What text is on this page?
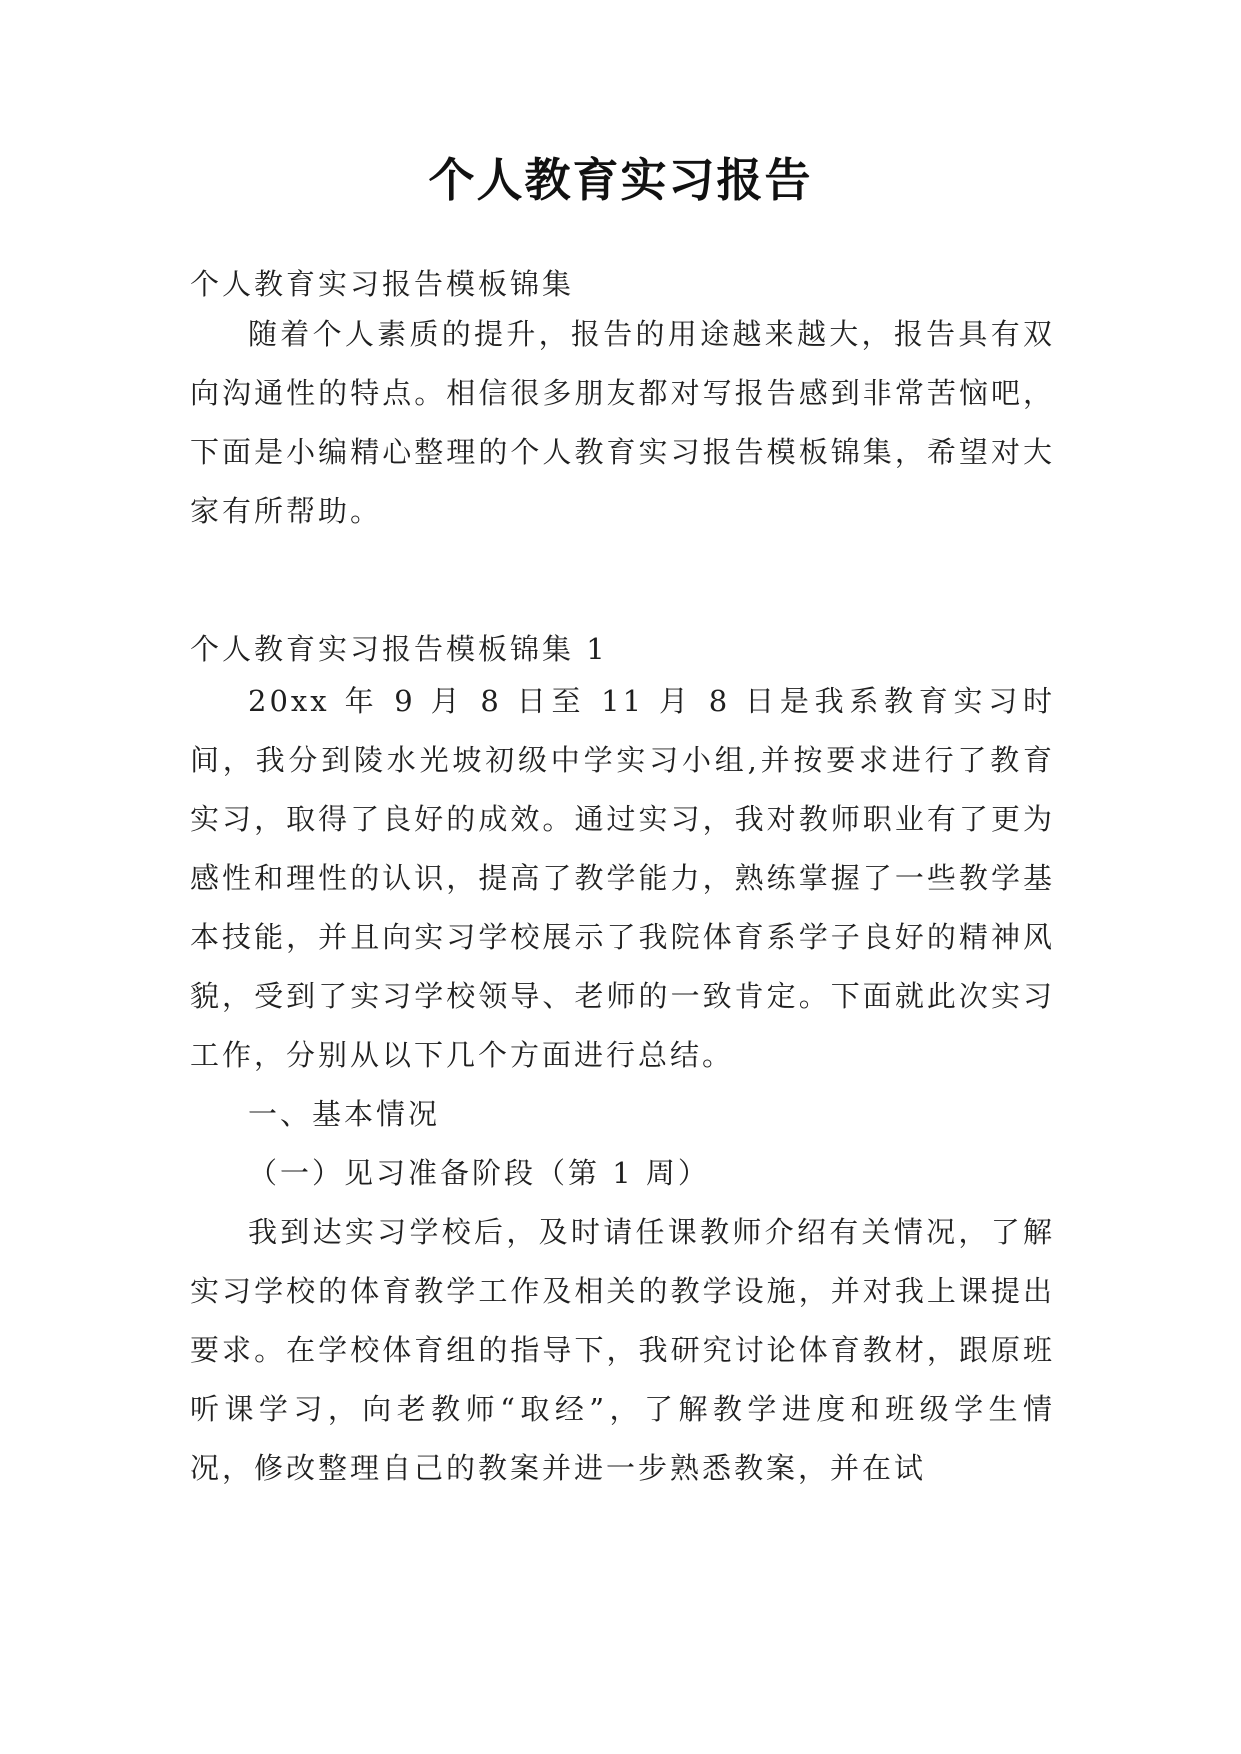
个人教育实习报告
个人教育实习报告模板锦集

随着个人素质的提升，报告的用途越来越大，报告具有双向沟通性的特点。相信很多朋友都对写报告感到非常苦恼吧，下面是小编精心整理的个人教育实习报告模板锦集，希望对大家有所帮助。

个人教育实习报告模板锦集 1

20xx 年 9 月 8 日至 11 月 8 日是我系教育实习时间，我分到陵水光坡初级中学实习小组,并按要求进行了教育实习，取得了良好的成效。通过实习，我对教师职业有了更为感性和理性的认识，提高了教学能力，熟练掌握了一些教学基本技能，并且向实习学校展示了我院体育系学子良好的精神风貌，受到了实习学校领导、老师的一致肯定。下面就此次实习工作，分别从以下几个方面进行总结。

一、基本情况

（一）见习准备阶段（第 1 周）

我到达实习学校后，及时请任课教师介绍有关情况，了解实习学校的体育教学工作及相关的教学设施，并对我上课提出要求。在学校体育组的指导下，我研究讨论体育教材，跟原班听课学习，向老教师“取经”，了解教学进度和班级学生情况，修改整理自己的教案并进一步熟悉教案，并在试
